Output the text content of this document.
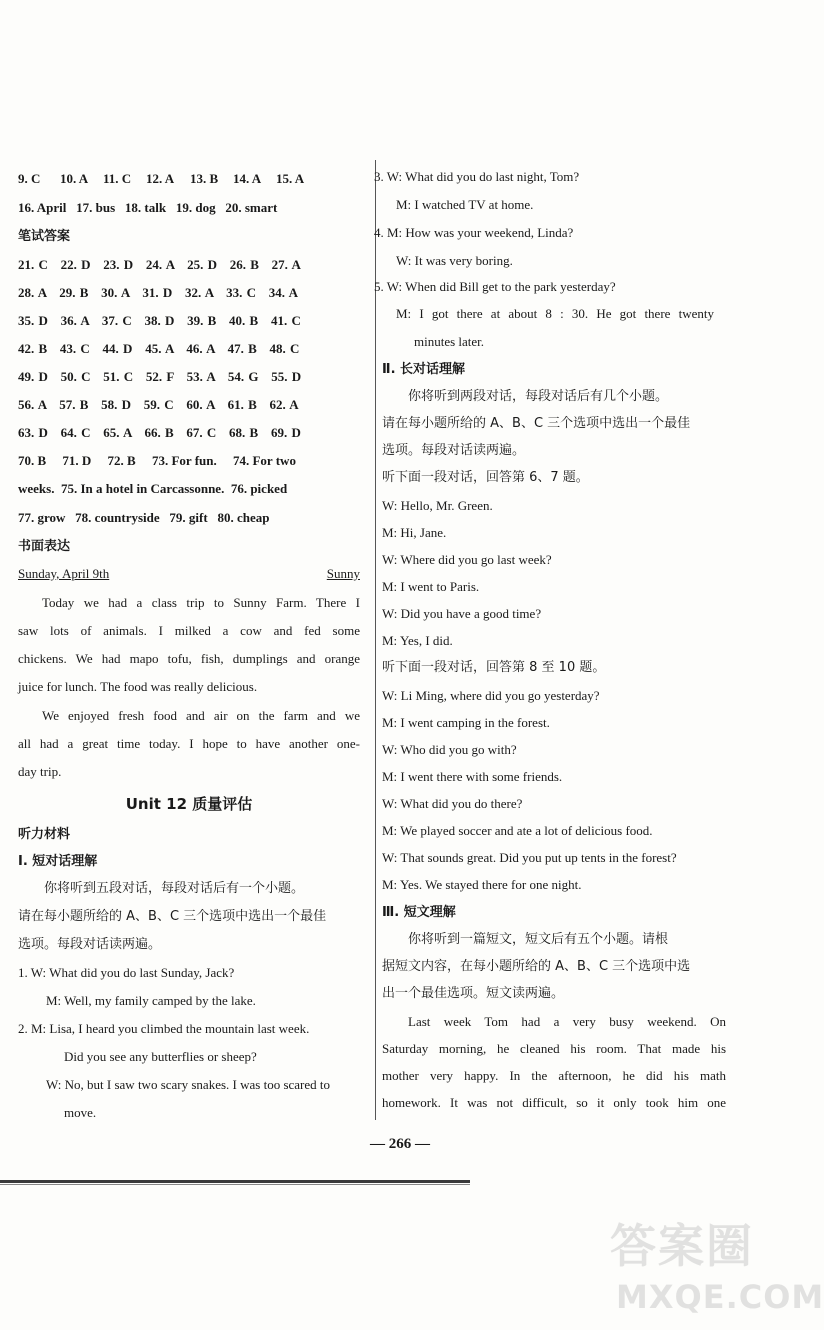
9. C 10. A 11. C 12. A 13. B 14. A 15. A
16. April   17. bus   18. talk   19. dog   20. smart
笔试答案
21. C   22. D   23. D   24. A   25. D   26. B   27. A
28. A   29. B   30. A   31. D   32. A   33. C   34. A
35. D   36. A   37. C   38. D   39. B   40. B   41. C
42. B   43. C   44. D   45. A   46. A   47. B   48. C
49. D   50. C   51. C   52. F   53. A   54. G   55. D
56. A   57. B   58. D   59. C   60. A   61. B   62. A
63. D   64. C   65. A   66. B   67. C   68. B   69. D
70. B     71. D     72. B     73. For fun.     74. For two
weeks.  75. In a hotel in Carcassonne.  76. picked
77. grow   78. countryside   79. gift   80. cheap
书面表达
Sunday, April 9th	Sunny
Today we had a class trip to Sunny Farm. There I
saw lots of animals. I milked a cow and fed some
chickens. We had mapo tofu, fish, dumplings and orange
juice for lunch. The food was really delicious.
We enjoyed fresh food and air on the farm and we
all had a great time today. I hope to have another one-
day trip.
Unit 12 质量评估
听力材料
Ⅰ. 短对话理解
你将听到五段对话，每段对话后有一个小题。
请在每小题所给的 A、B、C 三个选项中选出一个最佳
选项。每段对话读两遍。
1. W: What did you do last Sunday, Jack?
M: Well, my family camped by the lake.
2. M: Lisa, I heard you climbed the mountain last week.
Did you see any butterflies or sheep?
W: No, but I saw two scary snakes. I was too scared to
move.
3. W: What did you do last night, Tom?
M: I watched TV at home.
4. M: How was your weekend, Linda?
W: It was very boring.
5. W: When did Bill get to the park yesterday?
M: I got there at about 8 : 30. He got there twenty
minutes later.
Ⅱ. 长对话理解
你将听到两段对话，每段对话后有几个小题。
请在每小题所给的 A、B、C 三个选项中选出一个最佳
选项。每段对话读两遍。
听下面一段对话，回答第 6、7 题。
W: Hello, Mr. Green.
M: Hi, Jane.
W: Where did you go last week?
M: I went to Paris.
W: Did you have a good time?
M: Yes, I did.
听下面一段对话，回答第 8 至 10 题。
W: Li Ming, where did you go yesterday?
M: I went camping in the forest.
W: Who did you go with?
M: I went there with some friends.
W: What did you do there?
M: We played soccer and ate a lot of delicious food.
W: That sounds great. Did you put up tents in the forest?
M: Yes. We stayed there for one night.
Ⅲ. 短文理解
你将听到一篇短文，短文后有五个小题。请根
据短文内容，在每小题所给的 A、B、C 三个选项中选
出一个最佳选项。短文读两遍。
Last week Tom had a very busy weekend. On
Saturday morning, he cleaned his room. That made his
mother very happy. In the afternoon, he did his math
homework. It was not difficult, so it only took him one
— 266 —
答案圈
MXQE.COM
